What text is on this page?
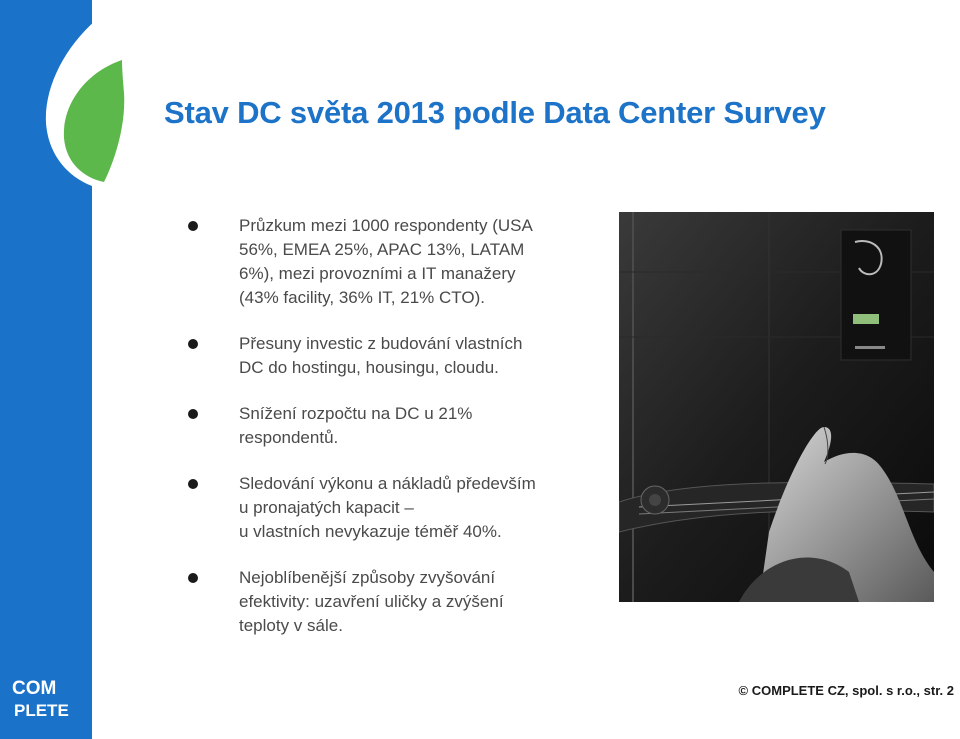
Stav DC světa 2013 podle Data Center Survey
Průzkum mezi 1000 respondenty (USA
56%, EMEA 25%, APAC 13%, LATAM
6%), mezi provozními a IT manažery
(43% facility, 36% IT, 21% CTO).
Přesuny investic z budování vlastních
DC do hostingu, housingu, cloudu.
Snížení rozpočtu na DC u 21%
respondentů.
Sledování výkonu a nákladů především
u pronajatých kapacit –
u vlastních nevykazuje téměř 40%.
Nejoblíbenější způsoby zvyšování
efektivity: uzavření uličky a zvýšení
teploty v sále.
COM
PLETE
© COMPLETE CZ, spol. s r.o., str. 2
